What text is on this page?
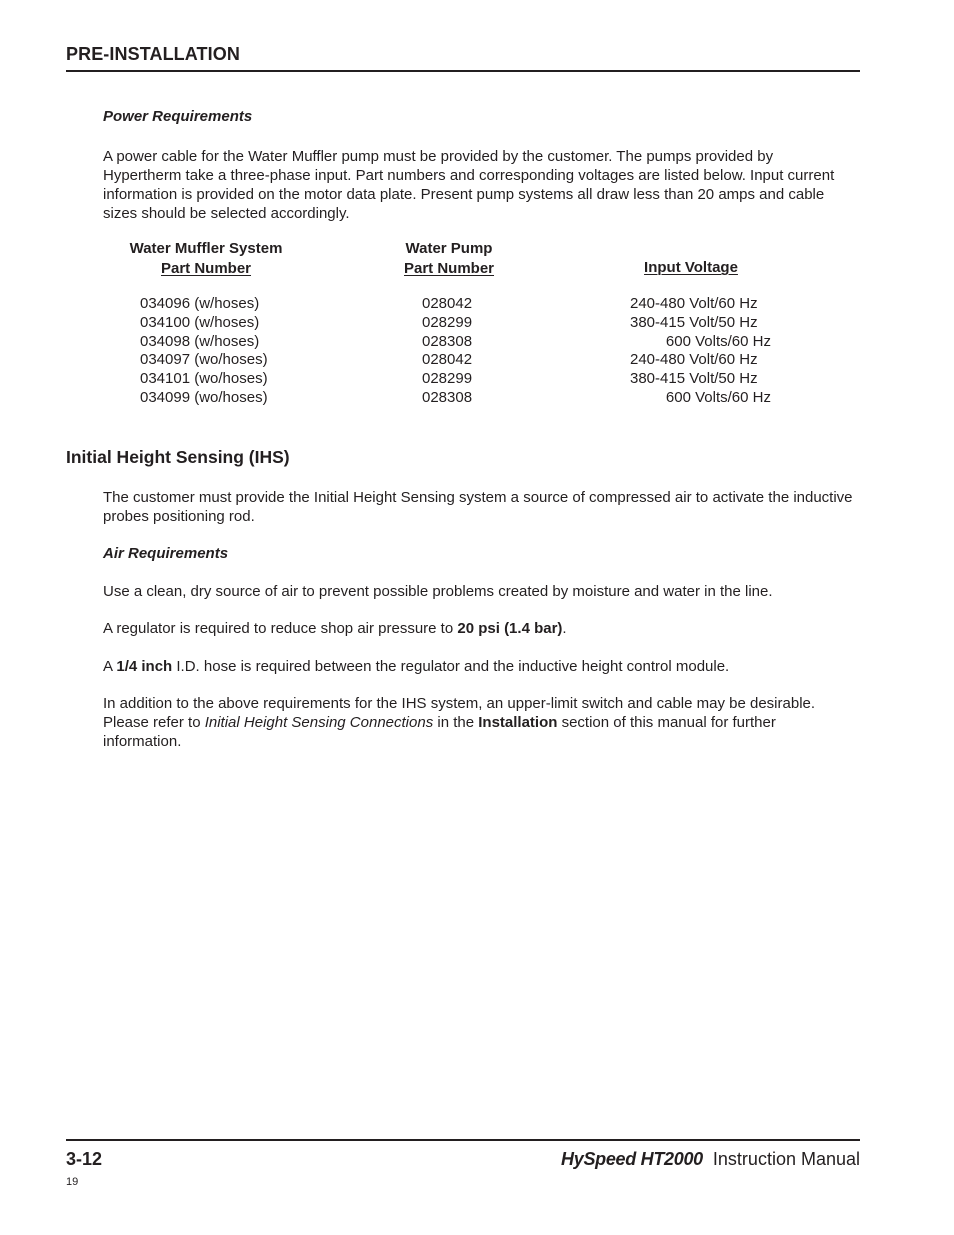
PRE-INSTALLATION
Power Requirements
A power cable for the Water Muffler pump must be provided by the customer. The pumps provided by Hypertherm take a three-phase input. Part numbers and corresponding voltages are listed below. Input current information is provided on the motor data plate. Present pump systems all draw less than 20 amps and cable sizes should be selected accordingly.
Water Muffler System
Part Number
Water Pump
Part Number	Input Voltage
034096 (w/hoses)
034100 (w/hoses)
034098 (w/hoses)
034097 (wo/hoses)
034101 (wo/hoses)
034099 (wo/hoses)
028042
028299
028308
028042
028299
028308
240-480 Volt/60 Hz
380-415 Volt/50 Hz
600 Volts/60 Hz
240-480 Volt/60 Hz
380-415 Volt/50 Hz
600 Volts/60 Hz
Initial Height Sensing (IHS)
The customer must provide the Initial Height Sensing system a source of compressed air to activate the inductive probes positioning rod.
Air Requirements
Use a clean, dry source of air to prevent possible problems created by moisture and water in the line.
A regulator is required to reduce shop air pressure to 20 psi (1.4 bar).
A 1/4 inch I.D. hose is required between the regulator and the inductive height control module.
In addition to the above requirements for the IHS system, an upper-limit switch and cable may be desirable. Please refer to Initial Height Sensing Connections in the Installation section of this manual for further information.
3-12	HySpeed HT2000 Instruction Manual
19
